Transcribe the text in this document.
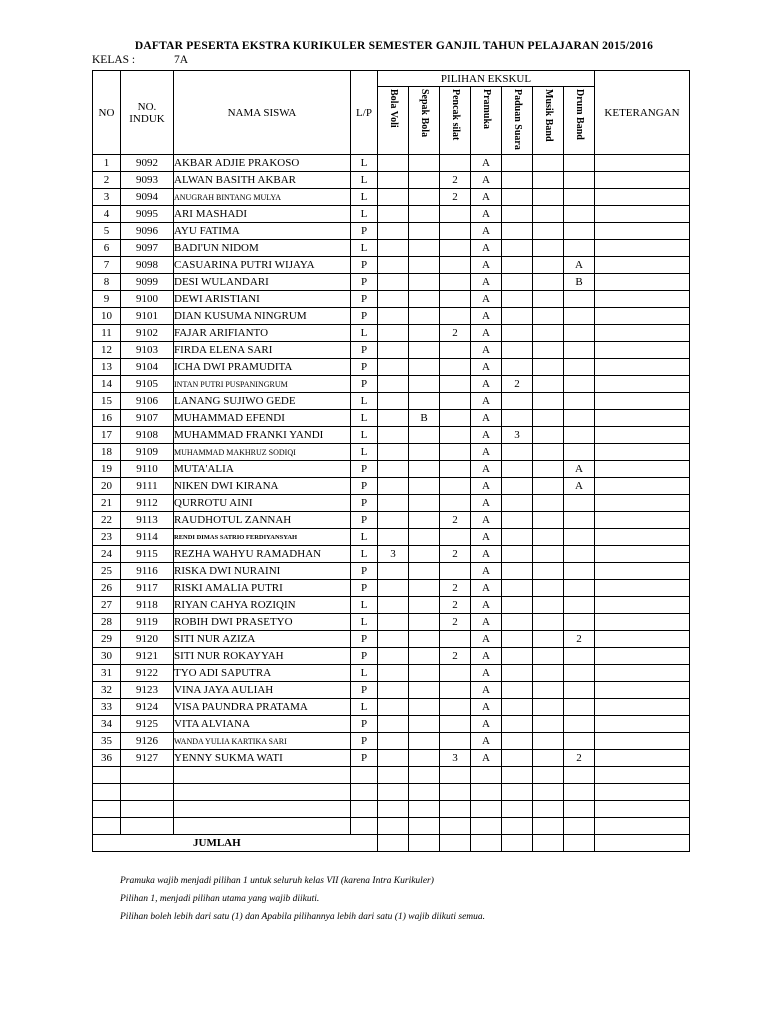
DAFTAR PESERTA EKSTRA KURIKULER SEMESTER GANJIL TAHUN PELAJARAN 2015/2016
KELAS :	7A
NO	NO. INDUK	NAMA SISWA	L/P	PILIHAN EKSKUL							KETERANGAN
				Bola Voli	Sepak Bola	Pencak silat	Pramuka	Paduan Suara	Musik Band	Drum Band	
1	9092	AKBAR ADJIE PRAKOSO	L				A				
2	9093	ALWAN BASITH AKBAR	L			2	A				
3	9094	ANUGRAH BINTANG MULYA	L			2	A				
4	9095	ARI MASHADI	L				A				
5	9096	AYU FATIMA	P				A				
6	9097	BADI'UN NIDOM	L				A				
7	9098	CASUARINA PUTRI WIJAYA	P				A			A	
8	9099	DESI WULANDARI	P				A			B	
9	9100	DEWI ARISTIANI	P				A				
10	9101	DIAN KUSUMA NINGRUM	P				A				
11	9102	FAJAR ARIFIANTO	L			2	A				
12	9103	FIRDA ELENA SARI	P				A				
13	9104	ICHA DWI PRAMUDITA	P				A				
14	9105	INTAN PUTRI PUSPANINGRUM	P				A	2			
15	9106	LANANG SUJIWO GEDE	L				A				
16	9107	MUHAMMAD EFENDI	L		B		A				
17	9108	MUHAMMAD FRANKI YANDI	L				A	3			
18	9109	MUHAMMAD MAKHRUZ SODIQI	L				A				
19	9110	MUTA'ALIA	P				A			A	
20	9111	NIKEN DWI KIRANA	P				A			A	
21	9112	QURROTU AINI	P				A				
22	9113	RAUDHOTUL ZANNAH	P			2	A				
23	9114	RENDI DIMAS SATRIO FERDIYANSYAH	L				A				
24	9115	REZHA WAHYU RAMADHAN	L	3		2	A				
25	9116	RISKA DWI NURAINI	P				A				
26	9117	RISKI AMALIA PUTRI	P			2	A				
27	9118	RIYAN CAHYA ROZIQIN	L			2	A				
28	9119	ROBIH DWI PRASETYO	L			2	A				
29	9120	SITI NUR AZIZA	P				A			2	
30	9121	SITI NUR ROKAYYAH	P			2	A				
31	9122	TYO ADI SAPUTRA	L				A				
32	9123	VINA JAYA AULIAH	P				A				
33	9124	VISA PAUNDRA PRATAMA	L				A				
34	9125	VITA ALVIANA	P				A				
35	9126	WANDA YULIA KARTIKA SARI	P				A				
36	9127	YENNY SUKMA WATI	P			3	A			2	

JUMLAH											
Pramuka wajib menjadi pilihan 1 untuk seluruh kelas VII (karena Intra Kurikuler)
Pilihan 1, menjadi pilihan utama yang wajib diikuti.
Pilihan boleh lebih dari satu (1) dan Apabila pilihannya lebih dari satu (1) wajib diikuti semua.
